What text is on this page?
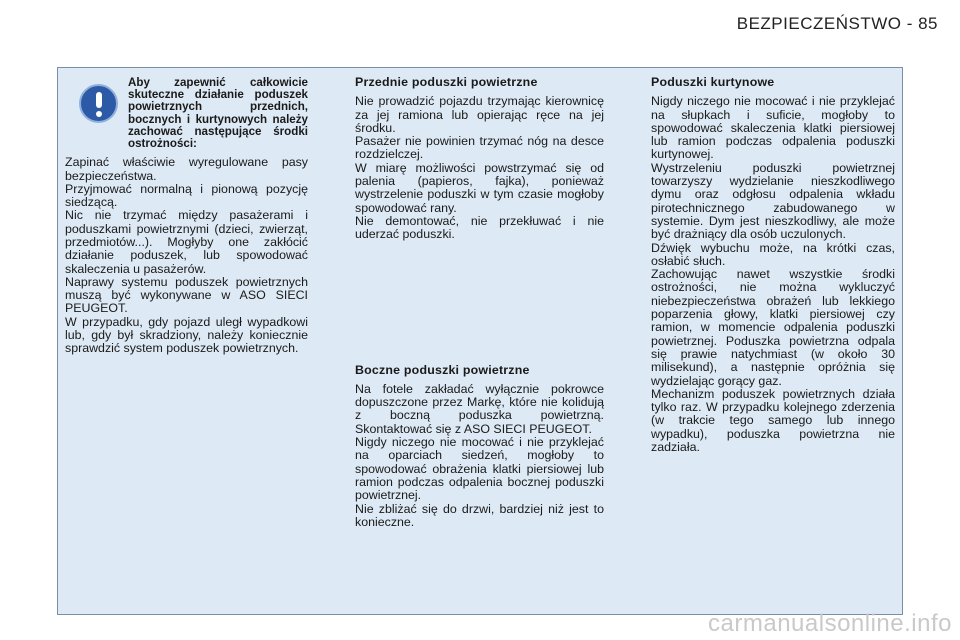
BEZPIECZEŃSTWO - 85
Aby zapewnić całkowicie skuteczne działanie poduszek powietrznych przednich, bocznych i kurtynowych należy zachować następujące środki ostrożności:

Zapinać właściwie wyregulowane pasy bezpieczeństwa.

Przyjmować normalną i pionową pozycję siedzącą.

Nic nie trzymać między pasażerami i poduszkami powietrznymi (dzieci, zwierząt, przedmiotów...). Mogłyby one zakłócić działanie poduszek, lub spowodować skaleczenia u pasażerów.

Naprawy systemu poduszek powietrznych muszą być wykonywane w ASO SIECI PEUGEOT.

W przypadku, gdy pojazd uległ wypadkowi lub, gdy był skradziony, należy koniecznie sprawdzić system poduszek powietrznych.

Przednie poduszki powietrzne

Nie prowadzić pojazdu trzymając kierownicę za jej ramiona lub opierając ręce na jej środku.

Pasażer nie powinien trzymać nóg na desce rozdzielczej.

W miarę możliwości powstrzymać się od palenia (papieros, fajka), ponieważ wystrzelenie poduszki w tym czasie mogłoby spowodować rany.

Nie demontować, nie przekłuwać i nie uderzać poduszki.

Boczne poduszki powietrzne

Na fotele zakładać wyłącznie pokrowce dopuszczone przez Markę, które nie kolidują z boczną poduszka powietrzną. Skontaktować się z ASO SIECI PEUGEOT.

Nigdy niczego nie mocować i nie przyklejać na oparciach siedzeń, mogłoby to spowodować obrażenia klatki piersiowej lub ramion podczas odpalenia bocznej poduszki powietrznej.

Nie zbliżać się do drzwi, bardziej niż jest to konieczne.

Poduszki kurtynowe

Nigdy niczego nie mocować i nie przyklejać na słupkach i suficie, mogłoby to spowodować skaleczenia klatki piersiowej lub ramion podczas odpalenia poduszki kurtynowej.

Wystrzeleniu poduszki powietrznej towarzyszy wydzielanie nieszkodliwego dymu oraz odgłosu odpalenia wkładu pirotechnicznego zabudowanego w systemie. Dym jest nieszkodliwy, ale może być drażniący dla osób uczulonych.

Dźwięk wybuchu może, na krótki czas, osłabić słuch.

Zachowując nawet wszystkie środki ostrożności, nie można wykluczyć niebezpieczeństwa obrażeń lub lekkiego poparzenia głowy, klatki piersiowej czy ramion, w momencie odpalenia poduszki powietrznej. Poduszka powietrzna odpala się prawie natychmiast (w około 30 milisekund), a następnie opróżnia się wydzielając gorący gaz.

Mechanizm poduszek powietrznych działa tylko raz. W przypadku kolejnego zderzenia (w trakcie tego samego lub innego wypadku), poduszka powietrzna nie zadziała.

carmanualsonline.info
